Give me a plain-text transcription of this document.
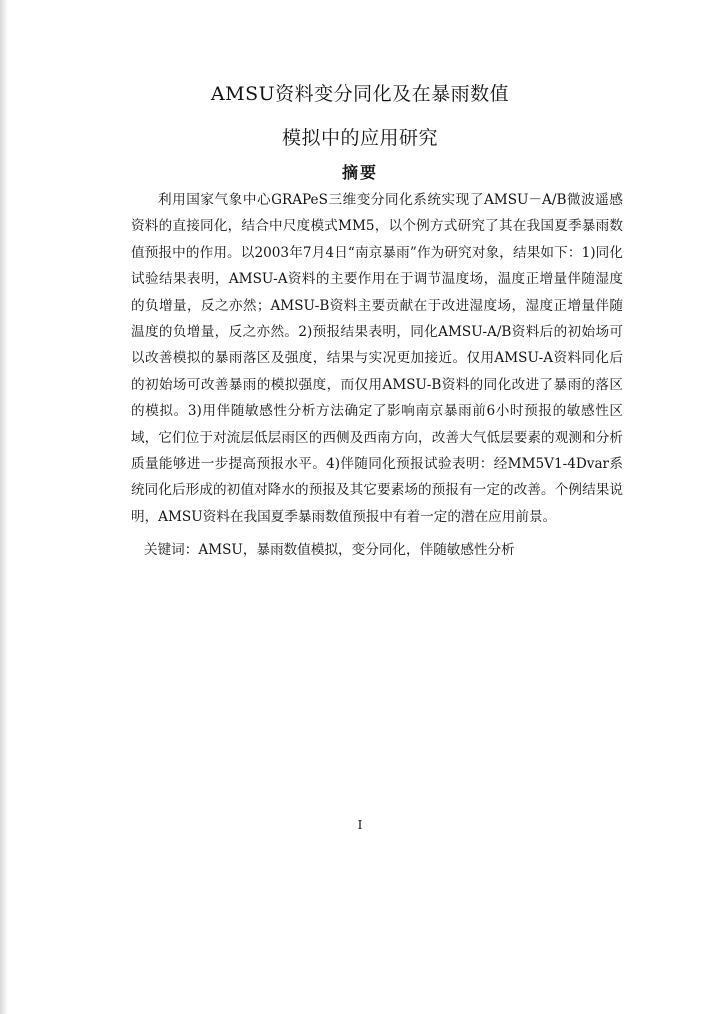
AMSU资料变分同化及在暴雨数值
模拟中的应用研究
摘要

利用国家气象中心GRAPeS三维变分同化系统实现了AMSU－A/B微波遥感资料的直接同化，结合中尺度模式MM5，以个例方式研究了其在我国夏季暴雨数值预报中的作用。以2003年7月4日“南京暴雨”作为研究对象，结果如下：1)同化试验结果表明，AMSU-A资料的主要作用在于调节温度场，温度正增量伴随湿度的负增量，反之亦然；AMSU-B资料主要贡献在于改进湿度场，湿度正增量伴随温度的负增量，反之亦然。2)预报结果表明，同化AMSU-A/B资料后的初始场可以改善模拟的暴雨落区及强度，结果与实况更加接近。仅用AMSU-A资料同化后的初始场可改善暴雨的模拟强度，而仅用AMSU-B资料的同化改进了暴雨的落区的模拟。3)用伴随敏感性分析方法确定了影响南京暴雨前6小时预报的敏感性区域，它们位于对流层低层雨区的西侧及西南方向，改善大气低层要素的观测和分析质量能够进一步提高预报水平。4)伴随同化预报试验表明：经MM5V1-4Dvar系统同化后形成的初值对降水的预报及其它要素场的预报有一定的改善。个例结果说明，AMSU资料在我国夏季暴雨数值预报中有着一定的潜在应用前景。

关键词：AMSU，暴雨数值模拟，变分同化，伴随敏感性分析
I
